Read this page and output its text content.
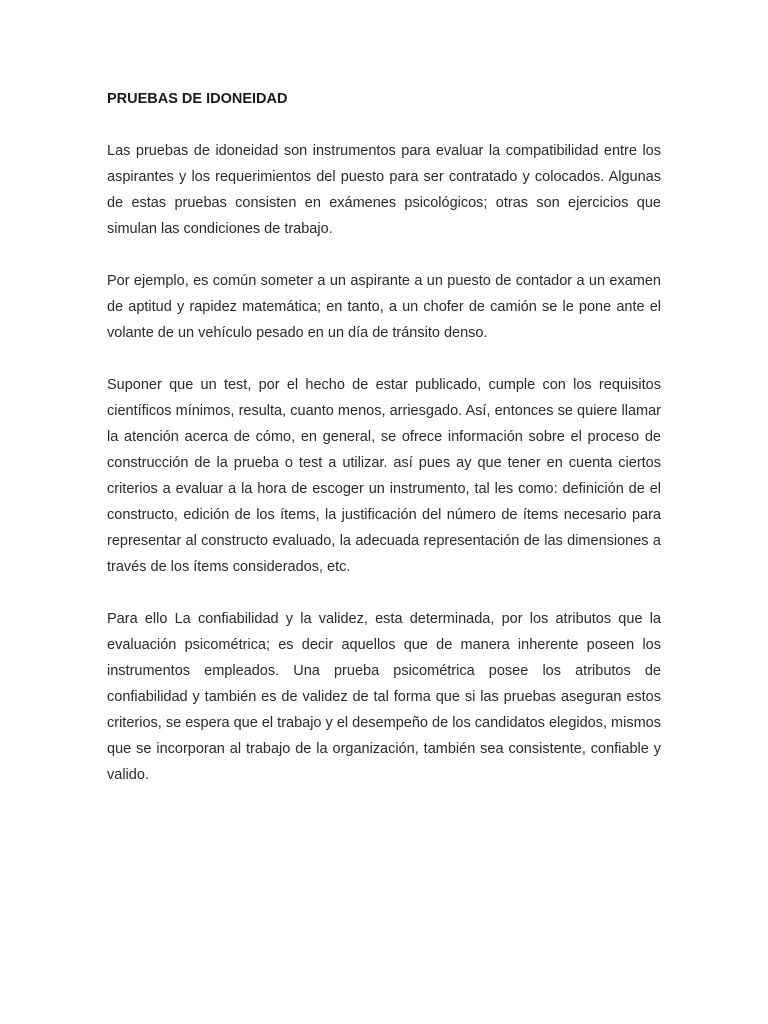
PRUEBAS DE IDONEIDAD

Las pruebas de idoneidad son instrumentos para evaluar la compatibilidad entre los aspirantes y los requerimientos del puesto para ser contratado y colocados. Algunas de estas pruebas consisten en exámenes psicológicos; otras son ejercicios que simulan las condiciones de trabajo.

Por ejemplo, es común someter a un aspirante a un puesto de contador a un examen de aptitud y rapidez matemática; en tanto, a un chofer de camión se le pone ante el volante de un vehículo pesado en un día de tránsito denso.

Suponer que un test, por el hecho de estar publicado, cumple con los requisitos científicos mínimos, resulta, cuanto menos, arriesgado. Así, entonces se quiere llamar la atención acerca de cómo, en general, se ofrece información sobre el proceso de construcción de la prueba o test a utilizar. así pues ay que tener en cuenta ciertos criterios a evaluar a la hora de escoger un instrumento, tal les como: definición de el constructo, edición de los ítems, la justificación del número de ítems necesario para representar al constructo evaluado, la adecuada representación de las dimensiones a través de los ítems considerados, etc.

Para ello La confiabilidad y la validez, esta determinada, por los atributos que la evaluación psicométrica; es decir aquellos que de manera inherente poseen los instrumentos empleados. Una prueba psicométrica posee los atributos de confiabilidad y también es de validez de tal forma que si las pruebas aseguran estos criterios, se espera que el trabajo y el desempeño de los candidatos elegidos, mismos que se incorporan al trabajo de la organización, también sea consistente, confiable y valido.
